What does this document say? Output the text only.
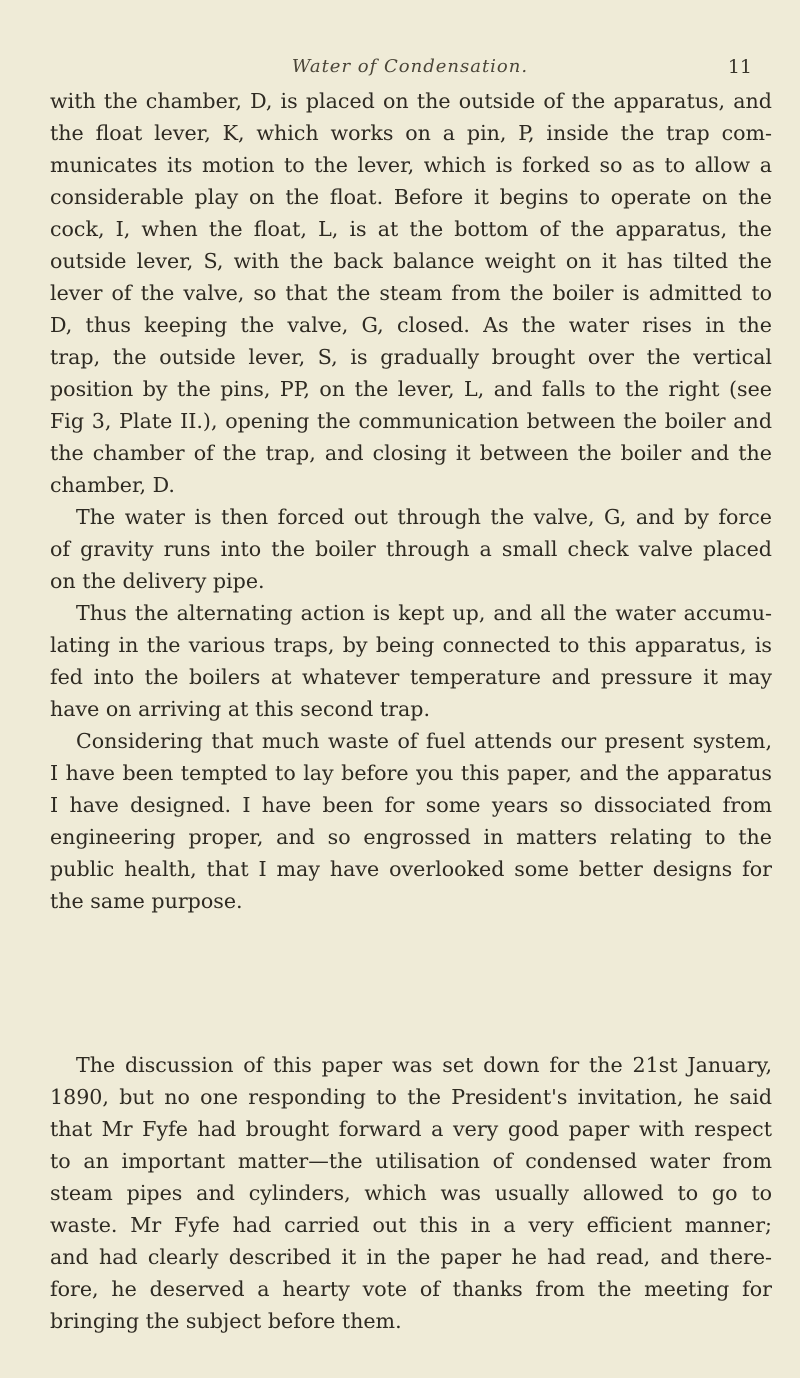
Water of Condensation.	11

with the chamber, D, is placed on the outside of the apparatus, and
the float lever, K, which works on a pin, P, inside the trap com-
municates its motion to the lever, which is forked so as to allow a
considerable play on the float. Before it begins to operate on the
cock, I, when the float, L, is at the bottom of the apparatus, the
outside lever, S, with the back balance weight on it has tilted the
lever of the valve, so that the steam from the boiler is admitted to
D, thus keeping the valve, G, closed. As the water rises in the
trap, the outside lever, S, is gradually brought over the vertical
position by the pins, PP, on the lever, L, and falls to the right (see
Fig 3, Plate II.), opening the communication between the boiler and
the chamber of the trap, and closing it between the boiler and the
chamber, D.

The water is then forced out through the valve, G, and by force
of gravity runs into the boiler through a small check valve placed
on the delivery pipe.

Thus the alternating action is kept up, and all the water accumu-
lating in the various traps, by being connected to this apparatus, is
fed into the boilers at whatever temperature and pressure it may
have on arriving at this second trap.

Considering that much waste of fuel attends our present system,
I have been tempted to lay before you this paper, and the apparatus
I have designed. I have been for some years so dissociated from
engineering proper, and so engrossed in matters relating to the
public health, that I may have overlooked some better designs for
the same purpose.

The discussion of this paper was set down for the 21st January,
1890, but no one responding to the President's invitation, he said
that Mr Fyfe had brought forward a very good paper with respect
to an important matter—the utilisation of condensed water from
steam pipes and cylinders, which was usually allowed to go to
waste. Mr Fyfe had carried out this in a very efficient manner;
and had clearly described it in the paper he had read, and there-
fore, he deserved a hearty vote of thanks from the meeting for
bringing the subject before them.
